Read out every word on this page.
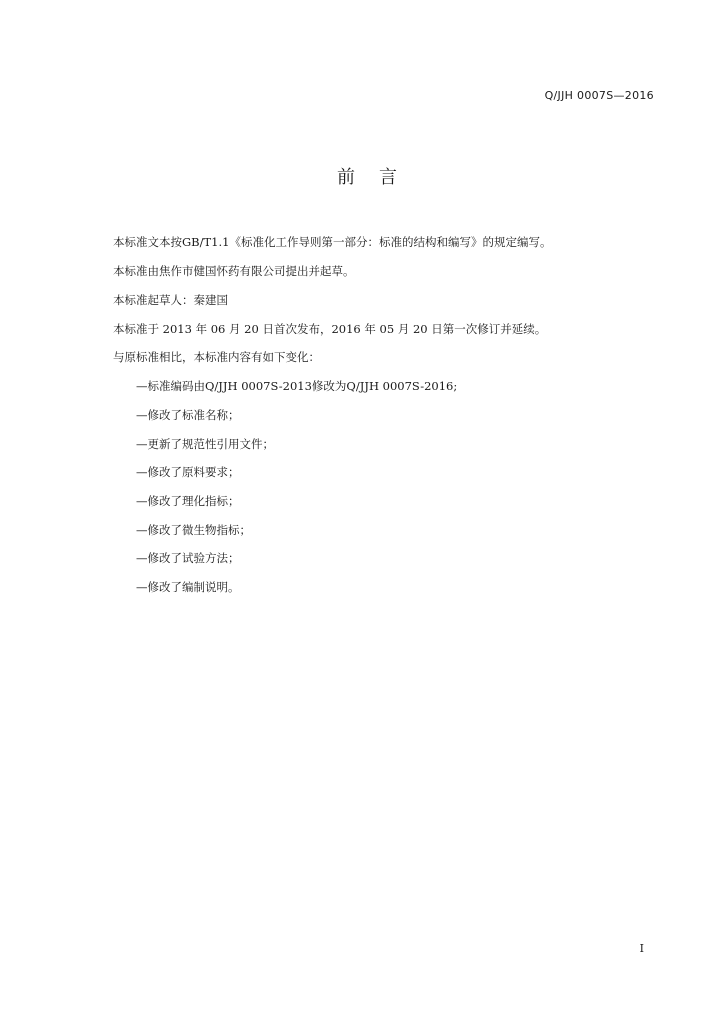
Q/JJH 0007S—2016
前言
本标准文本按GB/T1.1《标准化工作导则第一部分：标准的结构和编写》的规定编写。
本标准由焦作市健国怀药有限公司提出并起草。
本标准起草人：秦建国
本标准于 2013 年 06 月 20 日首次发布，2016 年 05 月 20 日第一次修订并延续。
与原标准相比，本标准内容有如下变化：
—标准编码由Q/JJH 0007S-2013修改为Q/JJH 0007S-2016;
—修改了标准名称；
—更新了规范性引用文件；
—修改了原料要求；
—修改了理化指标；
—修改了微生物指标；
—修改了试验方法；
—修改了编制说明。
I
